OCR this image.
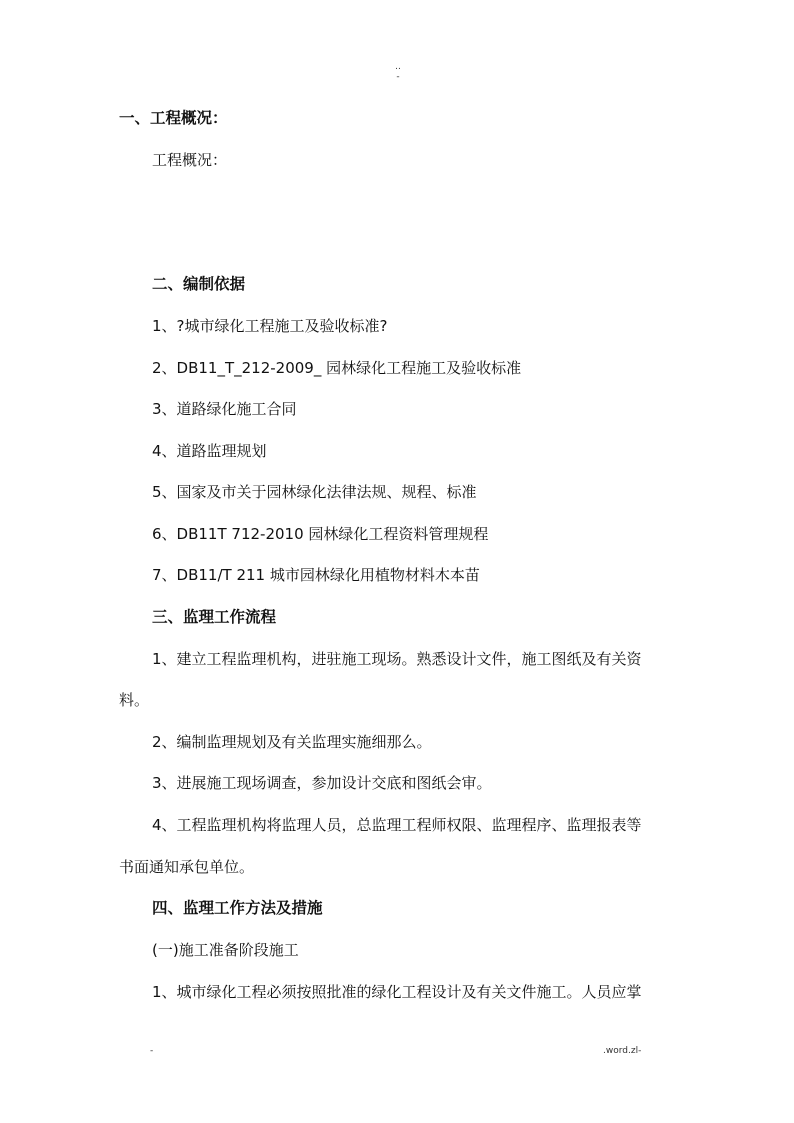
..
-
一、工程概况：
工程概况：
二、编制依据
1、?城市绿化工程施工及验收标准?
2、DB11_T_212-2009_ 园林绿化工程施工及验收标准
3、道路绿化施工合同
4、道路监理规划
5、国家及市关于园林绿化法律法规、规程、标准
6、DB11T 712-2010 园林绿化工程资料管理规程
7、DB11/T 211 城市园林绿化用植物材料木本苗
三、监理工作流程
1、建立工程监理机构，进驻施工现场。熟悉设计文件，施工图纸及有关资
料。
2、编制监理规划及有关监理实施细那么。
3、进展施工现场调查，参加设计交底和图纸会审。
4、工程监理机构将监理人员，总监理工程师权限、监理程序、监理报表等
书面通知承包单位。
四、监理工作方法及措施
(一)施工准备阶段施工
1、城市绿化工程必须按照批准的绿化工程设计及有关文件施工。人员应掌
-	.word.zl-
